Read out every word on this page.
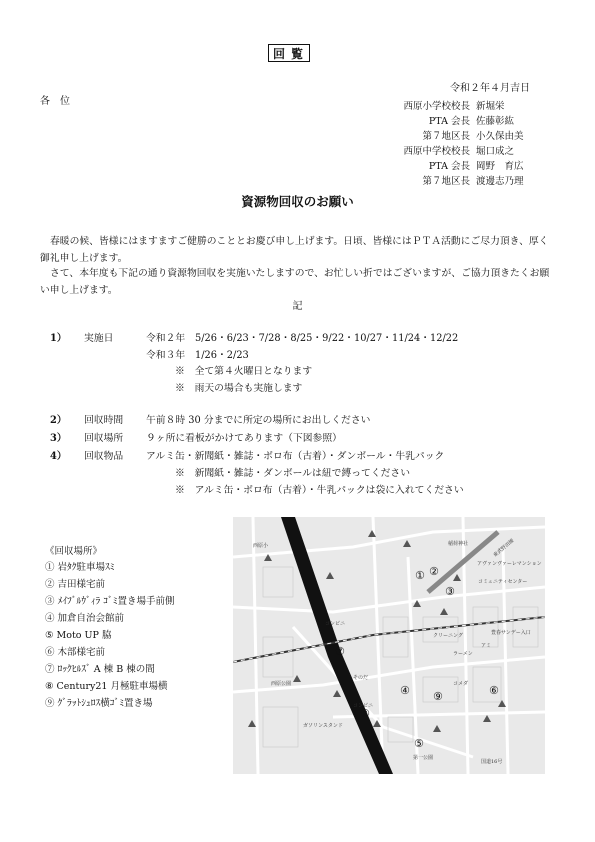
回覧
令和２年４月吉日
各　位	西原小学校校長 新堀栄
PTA 会長 佐藤彰紘
第７地区長 小久保由美
西原中学校校長 堀口成之
PTA 会長 岡野　育広
第７地区長 渡邊志乃理
資源物回収のお願い
春暖の候、皆様にはますますご健勝のこととお慶び申し上げます。日頃、皆様にはＰＴＡ活動にご尽力頂き、厚く御礼申し上げます。
さて、本年度も下記の通り資源物回収を実施いたしますので、お忙しい折ではございますが、ご協力頂きたくお願い申し上げます。
記
1）	実施日	令和２年　5/26・6/23・7/28・8/25・9/22・10/27・11/24・12/22
令和３年　1/26・2/23
※　全て第４火曜日となります
※　雨天の場合も実施します
2）	回収時間 午前８時 30 分までに所定の場所にお出しください
3）	回収場所 ９ヶ所に看板がかけてあります（下図参照）
4）	回収物品 アルミ缶・新聞紙・雑誌・ボロ布（古着）・ダンボール・牛乳パック
※　新聞紙・雑誌・ダンボールは紐で縛ってください
※　アルミ缶・ボロ布（古着）・牛乳パックは袋に入れてください
《回収場所》
① 岩ﾀｸ駐車場ｽﾐ
② 吉田様宅前
③ ﾒｲﾌﾞﾙｳﾞｨﾗ ｺﾞﾐ置き場手前側
④ 加倉自治会館前
⑤ Moto UP 脇
⑥ 木部様宅前
⑦ ﾛｯｸﾋﾙｽﾞ A 棟 B 棟の間
⑧ Century21 月極駐車場横
⑨ ｸﾞﾗｯﾄｼｭﾛｽ横ｺﾞﾐ置き場
アヴァンヴァーレマンション
コミュニティセンター
豊春サンデー入口
国道16号
東武野田線
コンビニ
クリーニング
コメダ
コンビニ
西原公園
そのだ
第一公園
ラーメン
西原小	稲荷神社
アミ
ガソリンスタンド
① ②
③
④
⑤
⑥
⑦
⑧
⑨
